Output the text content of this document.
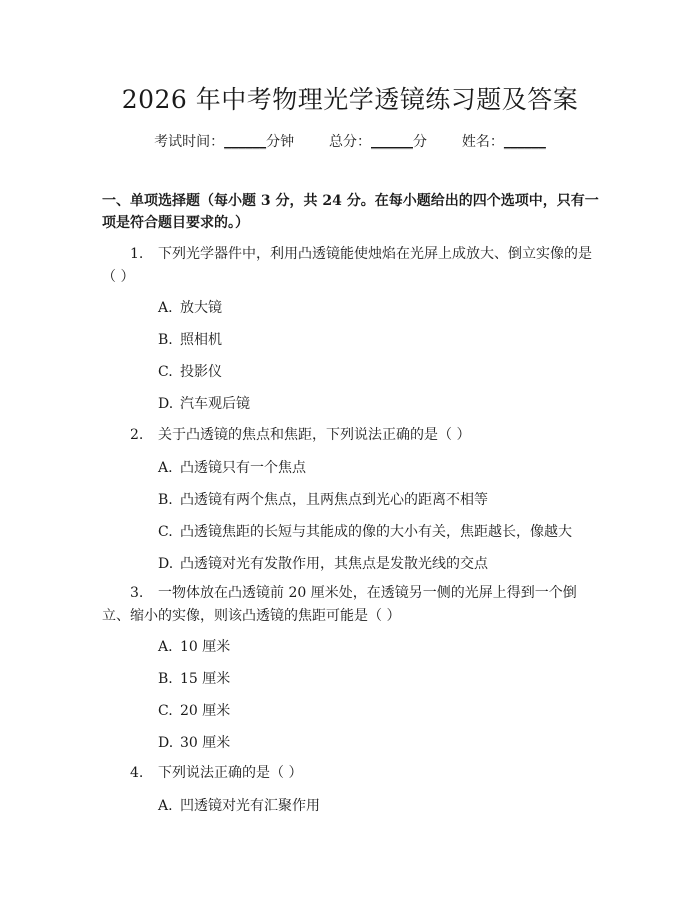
2026 年中考物理光学透镜练习题及答案
考试时间：______分钟 总分：______分 姓名：______
一、单项选择题（每小题 3 分，共 24 分。在每小题给出的四个选项中，只有一项是符合题目要求的。）
1. 下列光学器件中，利用凸透镜能使烛焰在光屏上成放大、倒立实像的是（ ）
A. 放大镜
B. 照相机
C. 投影仪
D. 汽车观后镜
2. 关于凸透镜的焦点和焦距，下列说法正确的是（ ）
A. 凸透镜只有一个焦点
B. 凸透镜有两个焦点，且两焦点到光心的距离不相等
C. 凸透镜焦距的长短与其能成的像的大小有关，焦距越长，像越大
D. 凸透镜对光有发散作用，其焦点是发散光线的交点
3. 一物体放在凸透镜前 20 厘米处，在透镜另一侧的光屏上得到一个倒立、缩小的实像，则该凸透镜的焦距可能是（ ）
A. 10 厘米
B. 15 厘米
C. 20 厘米
D. 30 厘米
4. 下列说法正确的是（ ）
A. 凹透镜对光有汇聚作用
